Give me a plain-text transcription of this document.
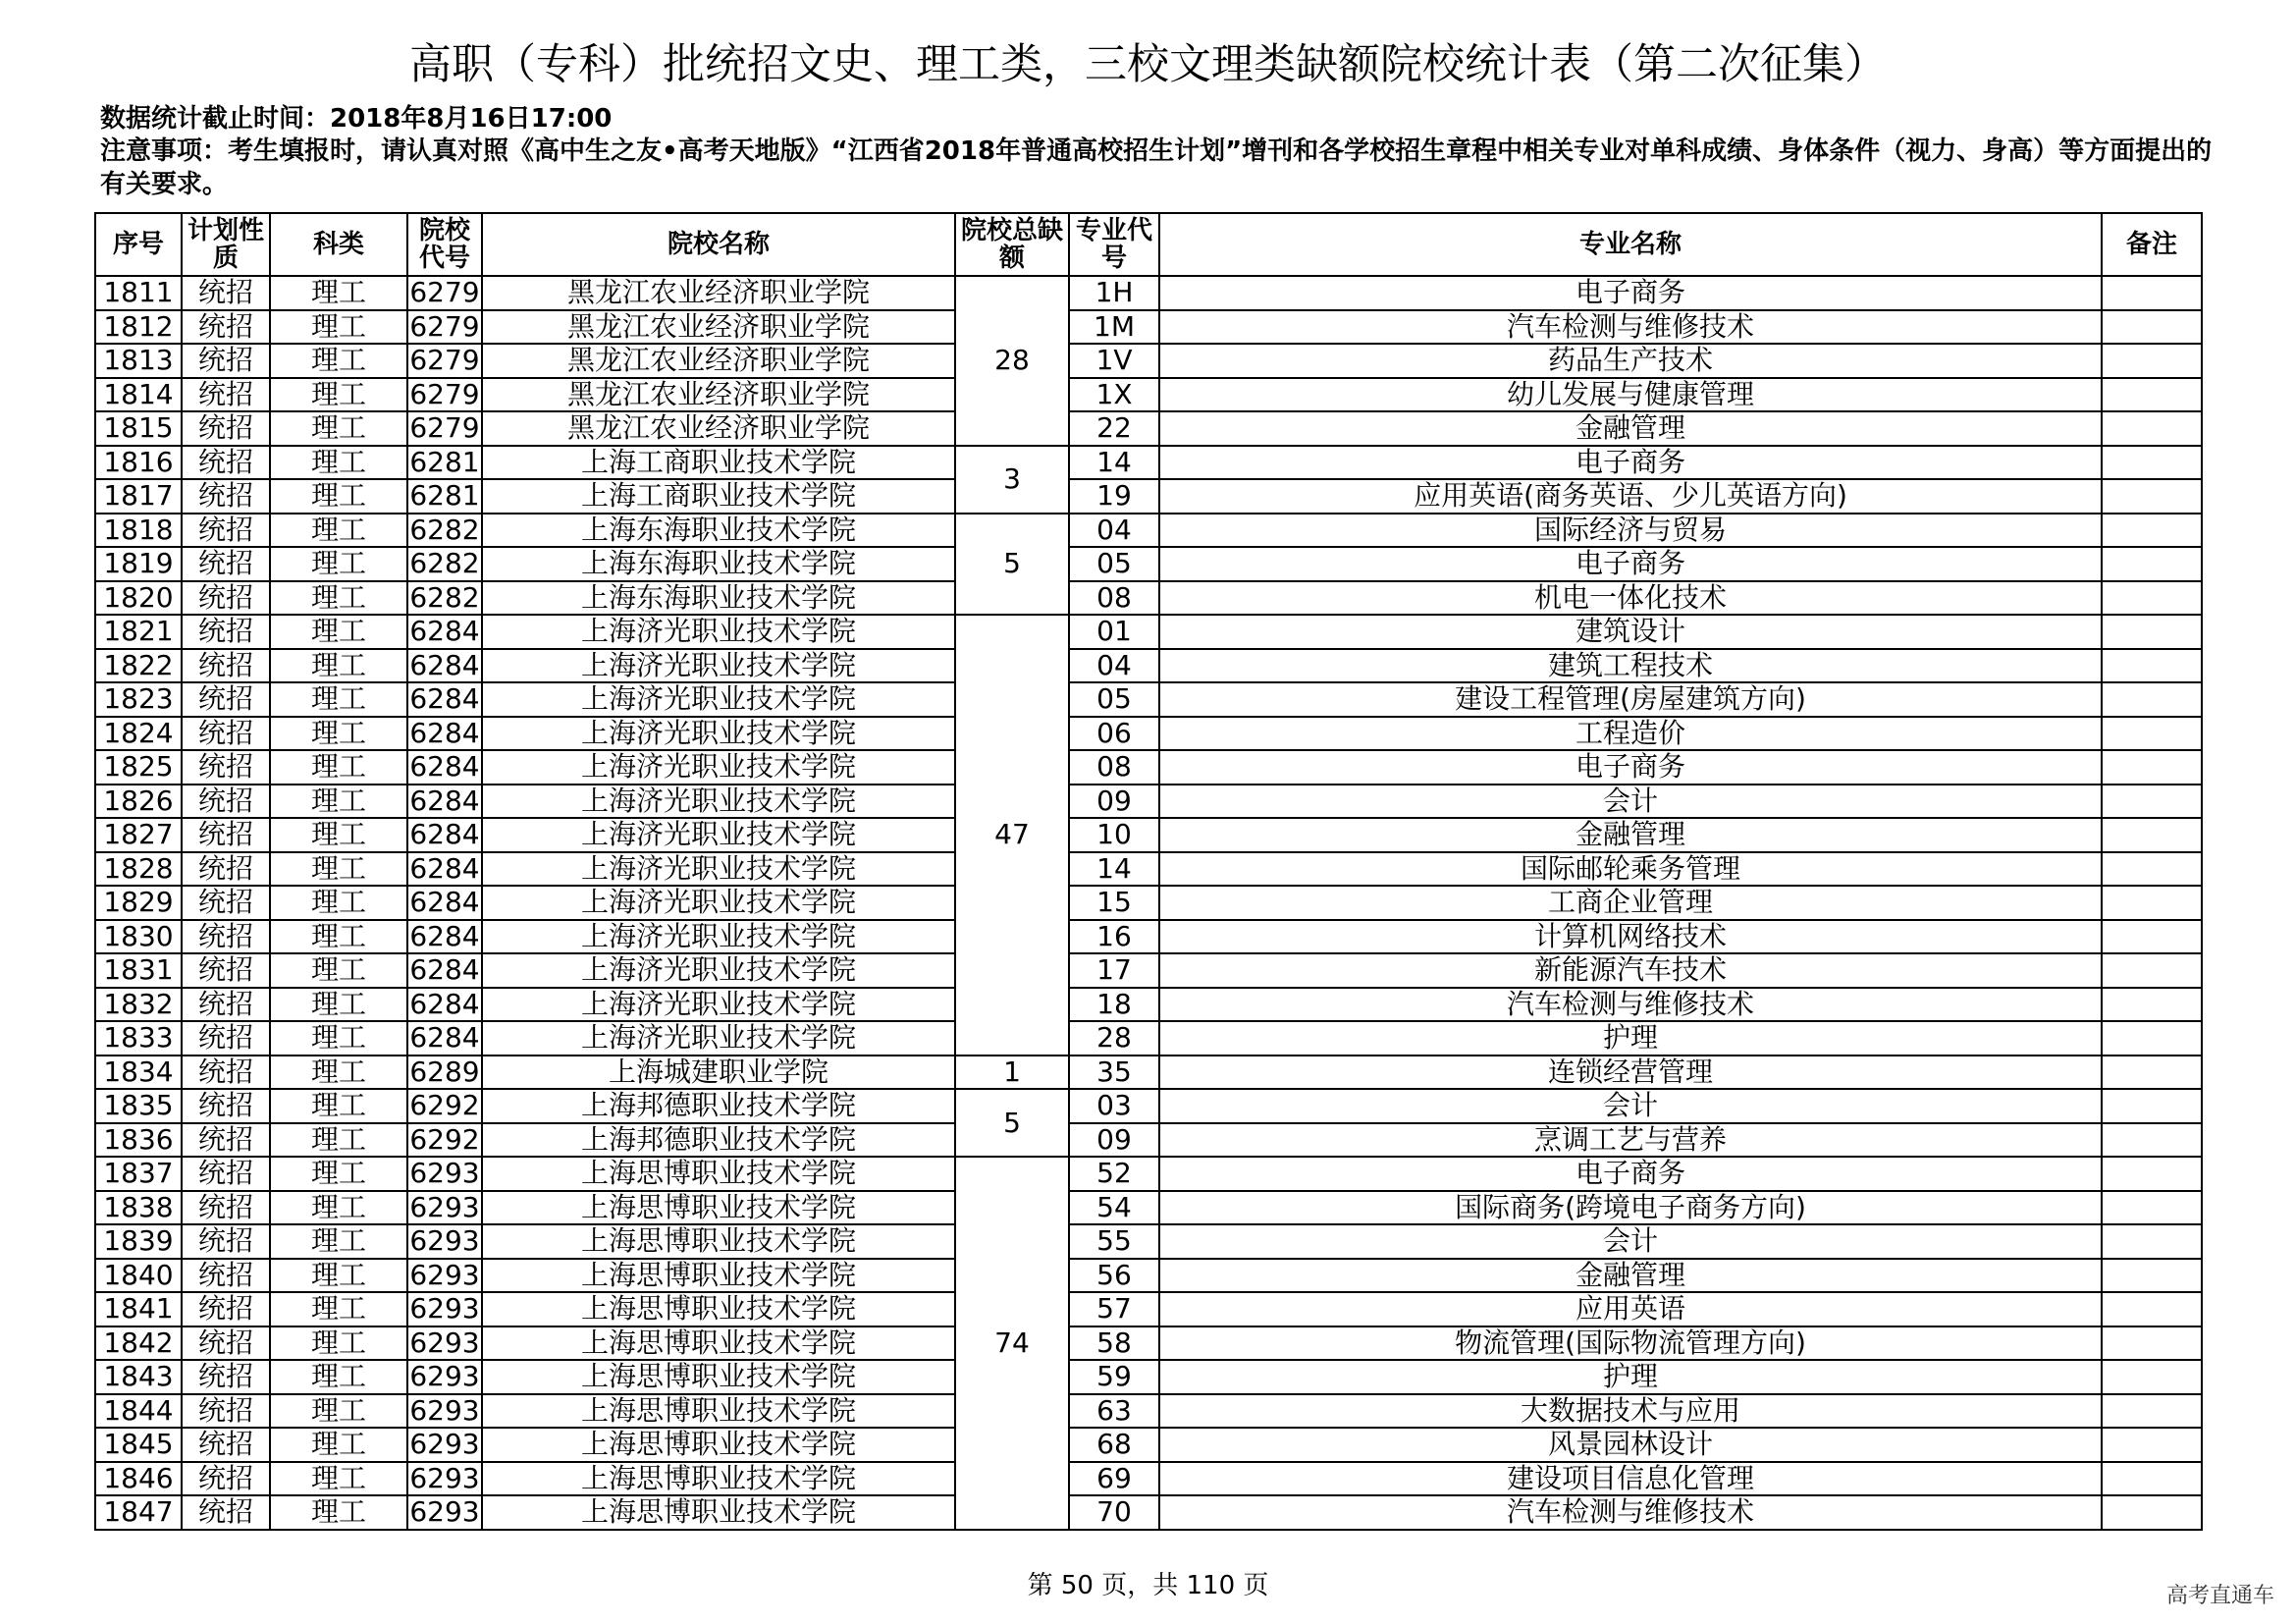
高职（专科）批统招文史、理工类，三校文理类缺额院校统计表（第二次征集）
数据统计截止时间：2018年8月16日17:00
注意事项：考生填报时，请认真对照《高中生之友•高考天地版》“江西省2018年普通高校招生计划”增刊和各学校招生章程中相关专业对单科成绩、身体条件（视力、身高）等方面提出的有关要求。
序号	计划性质	科类	院校代号	院校名称	院校总缺额	专业代号	专业名称	备注
1811	统招	理工	6279	黑龙江农业经济职业学院	28	1H	电子商务	
1812	统招	理工	6279	黑龙江农业经济职业学院		1M	汽车检测与维修技术	
1813	统招	理工	6279	黑龙江农业经济职业学院		1V	药品生产技术	
1814	统招	理工	6279	黑龙江农业经济职业学院		1X	幼儿发展与健康管理	
1815	统招	理工	6279	黑龙江农业经济职业学院		22	金融管理	
1816	统招	理工	6281	上海工商职业技术学院	3	14	电子商务	
1817	统招	理工	6281	上海工商职业技术学院		19	应用英语(商务英语、少儿英语方向)	
1818	统招	理工	6282	上海东海职业技术学院	5	04	国际经济与贸易	
1819	统招	理工	6282	上海东海职业技术学院		05	电子商务	
1820	统招	理工	6282	上海东海职业技术学院		08	机电一体化技术	
1821	统招	理工	6284	上海济光职业技术学院	47	01	建筑设计	
1822	统招	理工	6284	上海济光职业技术学院		04	建筑工程技术	
1823	统招	理工	6284	上海济光职业技术学院		05	建设工程管理(房屋建筑方向)	
1824	统招	理工	6284	上海济光职业技术学院		06	工程造价	
1825	统招	理工	6284	上海济光职业技术学院		08	电子商务	
1826	统招	理工	6284	上海济光职业技术学院		09	会计	
1827	统招	理工	6284	上海济光职业技术学院		10	金融管理	
1828	统招	理工	6284	上海济光职业技术学院		14	国际邮轮乘务管理	
1829	统招	理工	6284	上海济光职业技术学院		15	工商企业管理	
1830	统招	理工	6284	上海济光职业技术学院		16	计算机网络技术	
1831	统招	理工	6284	上海济光职业技术学院		17	新能源汽车技术	
1832	统招	理工	6284	上海济光职业技术学院		18	汽车检测与维修技术	
1833	统招	理工	6284	上海济光职业技术学院		28	护理	
1834	统招	理工	6289	上海城建职业学院	1	35	连锁经营管理	
1835	统招	理工	6292	上海邦德职业技术学院	5	03	会计	
1836	统招	理工	6292	上海邦德职业技术学院		09	烹调工艺与营养	
1837	统招	理工	6293	上海思博职业技术学院	74	52	电子商务	
1838	统招	理工	6293	上海思博职业技术学院		54	国际商务(跨境电子商务方向)	
1839	统招	理工	6293	上海思博职业技术学院		55	会计	
1840	统招	理工	6293	上海思博职业技术学院		56	金融管理	
1841	统招	理工	6293	上海思博职业技术学院		57	应用英语	
1842	统招	理工	6293	上海思博职业技术学院		58	物流管理(国际物流管理方向)	
1843	统招	理工	6293	上海思博职业技术学院		59	护理	
1844	统招	理工	6293	上海思博职业技术学院		63	大数据技术与应用	
1845	统招	理工	6293	上海思博职业技术学院		68	风景园林设计	
1846	统招	理工	6293	上海思博职业技术学院		69	建设项目信息化管理	
1847	统招	理工	6293	上海思博职业技术学院		70	汽车检测与维修技术	
第 50 页，共 110 页	高考直通车
